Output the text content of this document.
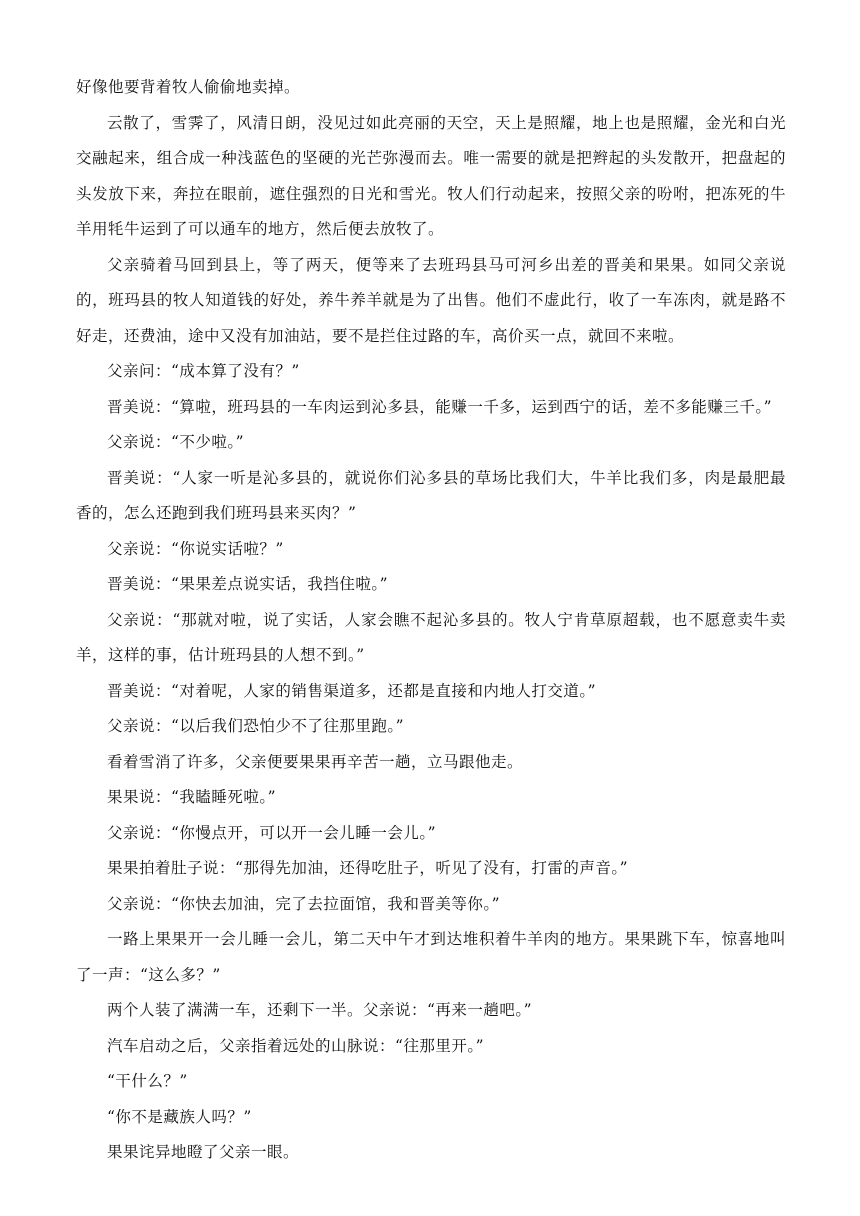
好像他要背着牧人偷偷地卖掉。

云散了，雪霁了，风清日朗，没见过如此亮丽的天空，天上是照耀，地上也是照耀，金光和白光交融起来，组合成一种浅蓝色的坚硬的光芒弥漫而去。唯一需要的就是把辫起的头发散开，把盘起的头发放下来，奔拉在眼前，遮住强烈的日光和雪光。牧人们行动起来，按照父亲的吩咐，把冻死的牛羊用牦牛运到了可以通车的地方，然后便去放牧了。

父亲骑着马回到县上，等了两天，便等来了去班玛县马可河乡出差的晋美和果果。如同父亲说的，班玛县的牧人知道钱的好处，养牛养羊就是为了出售。他们不虚此行，收了一车冻肉，就是路不好走，还费油，途中又没有加油站，要不是拦住过路的车，高价买一点，就回不来啦。

父亲问：“成本算了没有？”

晋美说：“算啦，班玛县的一车肉运到沁多县，能赚一千多，运到西宁的话，差不多能赚三千。”

父亲说：“不少啦。”

晋美说：“人家一听是沁多县的，就说你们沁多县的草场比我们大，牛羊比我们多，肉是最肥最香的，怎么还跑到我们班玛县来买肉？”

父亲说：“你说实话啦？”

晋美说：“果果差点说实话，我挡住啦。”

父亲说：“那就对啦，说了实话，人家会瞧不起沁多县的。牧人宁肯草原超载，也不愿意卖牛卖羊，这样的事，估计班玛县的人想不到。”

晋美说：“对着呢，人家的销售渠道多，还都是直接和内地人打交道。”

父亲说：“以后我们恐怕少不了往那里跑。”

看着雪消了许多，父亲便要果果再辛苦一趟，立马跟他走。

果果说：“我瞌睡死啦。”

父亲说：“你慢点开，可以开一会儿睡一会儿。”

果果拍着肚子说：“那得先加油，还得吃肚子，听见了没有，打雷的声音。”

父亲说：“你快去加油，完了去拉面馆，我和晋美等你。”

一路上果果开一会儿睡一会儿，第二天中午才到达堆积着牛羊肉的地方。果果跳下车，惊喜地叫了一声：“这么多？”

两个人装了满满一车，还剩下一半。父亲说：“再来一趟吧。”

汽车启动之后，父亲指着远处的山脉说：“往那里开。”

“干什么？”

“你不是藏族人吗？”

果果诧异地瞪了父亲一眼。
